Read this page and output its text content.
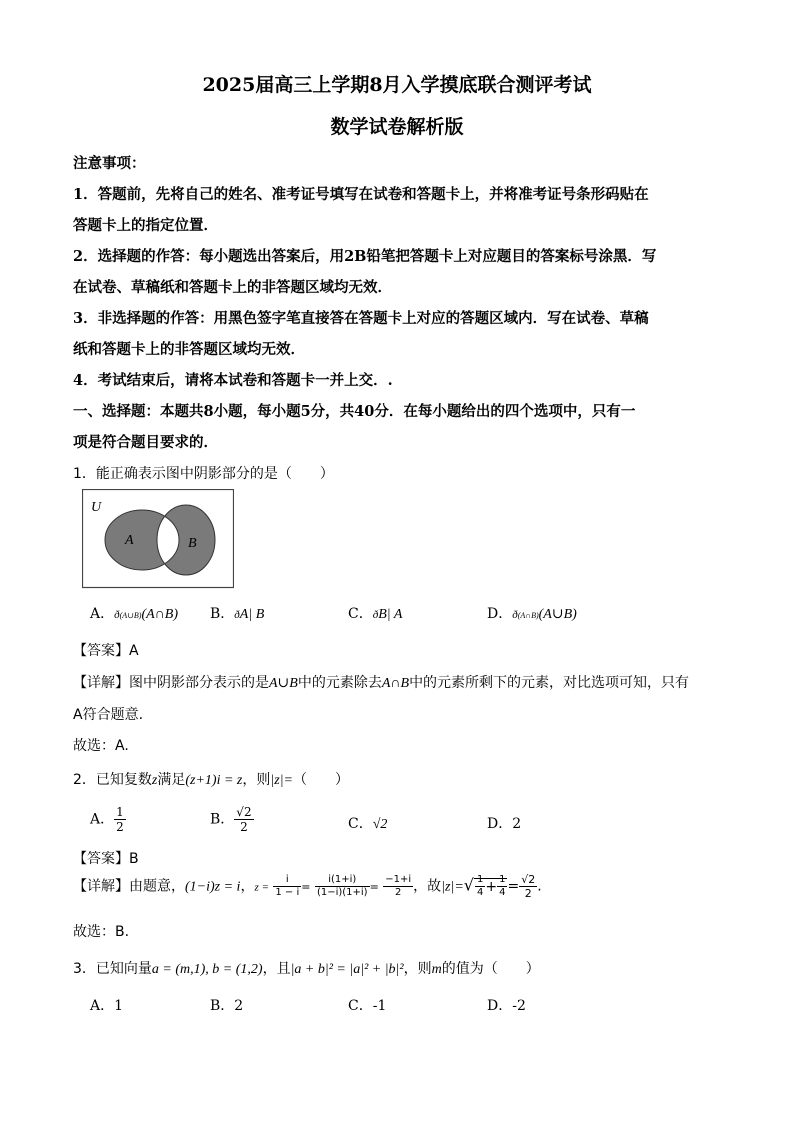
2025届高三上学期8月入学摸底联合测评考试
数学试卷解析版
注意事项：
1．答题前，先将自己的姓名、准考证号填写在试卷和答题卡上，并将准考证号条形码贴在
答题卡上的指定位置．
2．选择题的作答：每小题选出答案后，用2B铅笔把答题卡上对应题目的答案标号涂黑．写
在试卷、草稿纸和答题卡上的非答题区域均无效．
3．非选择题的作答：用黑色签字笔直接答在答题卡上对应的答题区域内．写在试卷、草稿
纸和答题卡上的非答题区域均无效．
4．考试结束后，请将本试卷和答题卡一并上交．.
一、选择题：本题共8小题，每小题5分，共40分．在每小题给出的四个选项中，只有一
项是符合题目要求的．
1．能正确表示图中阴影部分的是（　　）
U
A	B
A．ð(A∪B)(A∩B) B．ðA| B	C．ðB| A	D．ð(A∩B)(A∪B)
【答案】A
【详解】图中阴影部分表示的是A∪B中的元素除去A∩B中的元素所剩下的元素，对比选项可知，只有
A符合题意.
故选：A.
2．已知复数z满足(z+1)i = z，则|z|=（　　）
A． $\frac{1}{2}$	B． $\frac{√2}{2}$	C．√2	D．2
【答案】B
【详解】由题意，(1−i)z = i，$z = \frac{i}{1 - i} = \frac{i(1+i)}{(1-i)(1+i)} = \frac{-1+i}{2}$ ，故$|z|=√ \frac{1}{4} + \frac{1}{4} = \frac{√2}{2}$ .
故选：B.
3．已知向量a = (m,1), b = (1,2)，且|a + b|² = |a|² + |b|²，则m的值为（　　）
A．1	B．2	C．-1	D．-2
